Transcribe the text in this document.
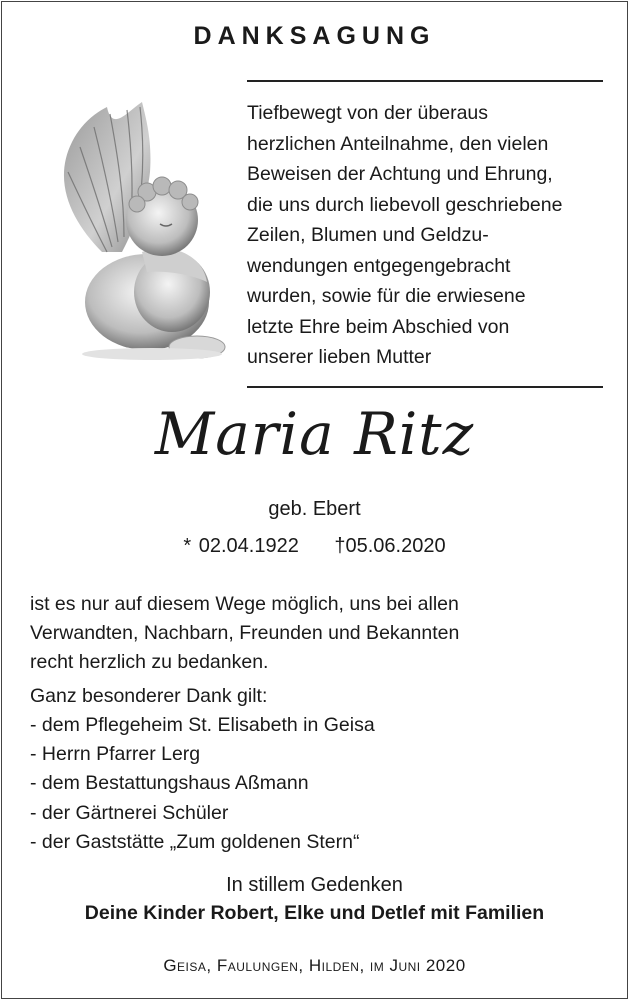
DANKSAGUNG
Tiefbewegt von der überaus
herzlichen Anteilnahme, den vielen
Beweisen der Achtung und Ehrung,
die uns durch liebevoll geschriebene
Zeilen, Blumen und Geldzu-
wendungen entgegengebracht
wurden, sowie für die erwiesene
letzte Ehre beim Abschied von
unserer lieben Mutter
Maria Ritz
geb. Ebert
* 02.04.1922 †05.06.2020
ist es nur auf diesem Wege möglich, uns bei allen
Verwandten, Nachbarn, Freunden und Bekannten
recht herzlich zu bedanken.
Ganz besonderer Dank gilt:
- dem Pflegeheim St. Elisabeth in Geisa
- Herrn Pfarrer Lerg
- dem Bestattungshaus Aßmann
- der Gärtnerei Schüler
- der Gaststätte „Zum goldenen Stern“
In stillem Gedenken
Deine Kinder Robert, Elke und Detlef mit Familien
Geisa, Faulungen, Hilden, im Juni 2020
